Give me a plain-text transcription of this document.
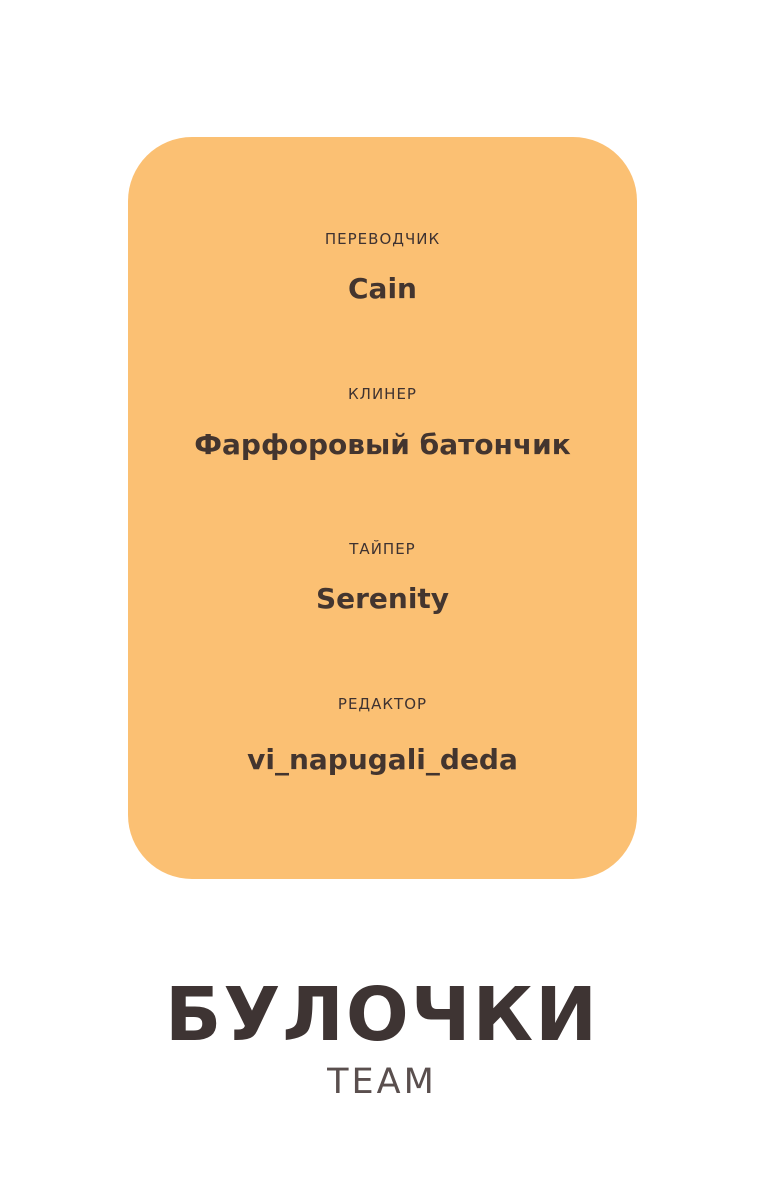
ПЕРЕВОДЧИК
Cain
КЛИНЕР
Фарфоровый батончик
ТАЙПЕР
Serenity
РЕДАКТОР
vi_napugali_deda
БУЛОЧКИ
TEAM
